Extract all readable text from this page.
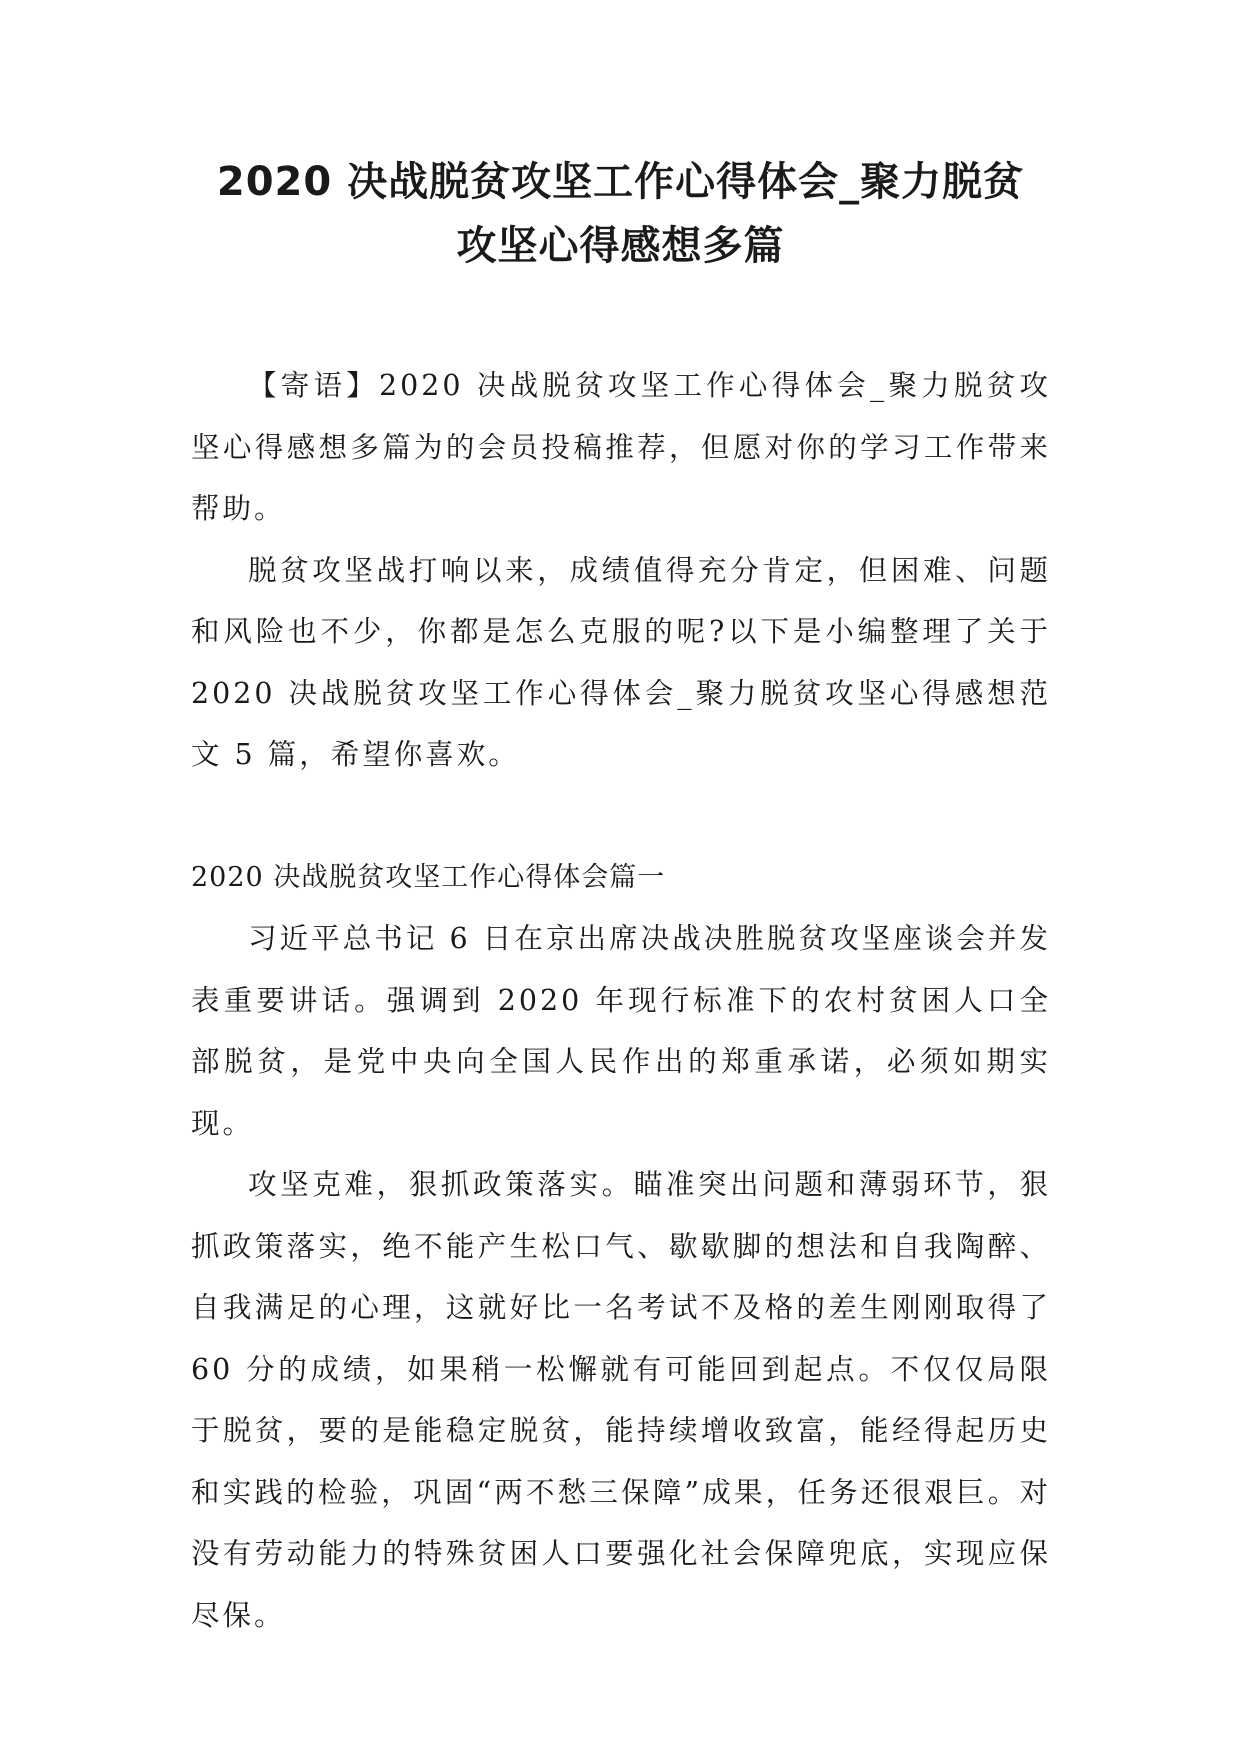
2020 决战脱贫攻坚工作心得体会_聚力脱贫
攻坚心得感想多篇

【寄语】2020 决战脱贫攻坚工作心得体会_聚力脱贫攻坚心得感想多篇为的会员投稿推荐，但愿对你的学习工作带来帮助。

脱贫攻坚战打响以来，成绩值得充分肯定，但困难、问题和风险也不少，你都是怎么克服的呢?以下是小编整理了关于 2020 决战脱贫攻坚工作心得体会_聚力脱贫攻坚心得感想范文 5 篇，希望你喜欢。

2020 决战脱贫攻坚工作心得体会篇一

习近平总书记 6 日在京出席决战决胜脱贫攻坚座谈会并发表重要讲话。强调到 2020 年现行标准下的农村贫困人口全部脱贫，是党中央向全国人民作出的郑重承诺，必须如期实现。

攻坚克难，狠抓政策落实。瞄准突出问题和薄弱环节，狠抓政策落实，绝不能产生松口气、歇歇脚的想法和自我陶醉、自我满足的心理，这就好比一名考试不及格的差生刚刚取得了 60 分的成绩，如果稍一松懈就有可能回到起点。不仅仅局限于脱贫，要的是能稳定脱贫，能持续增收致富，能经得起历史和实践的检验，巩固“两不愁三保障”成果，任务还很艰巨。对没有劳动能力的特殊贫困人口要强化社会保障兜底，实现应保尽保。
